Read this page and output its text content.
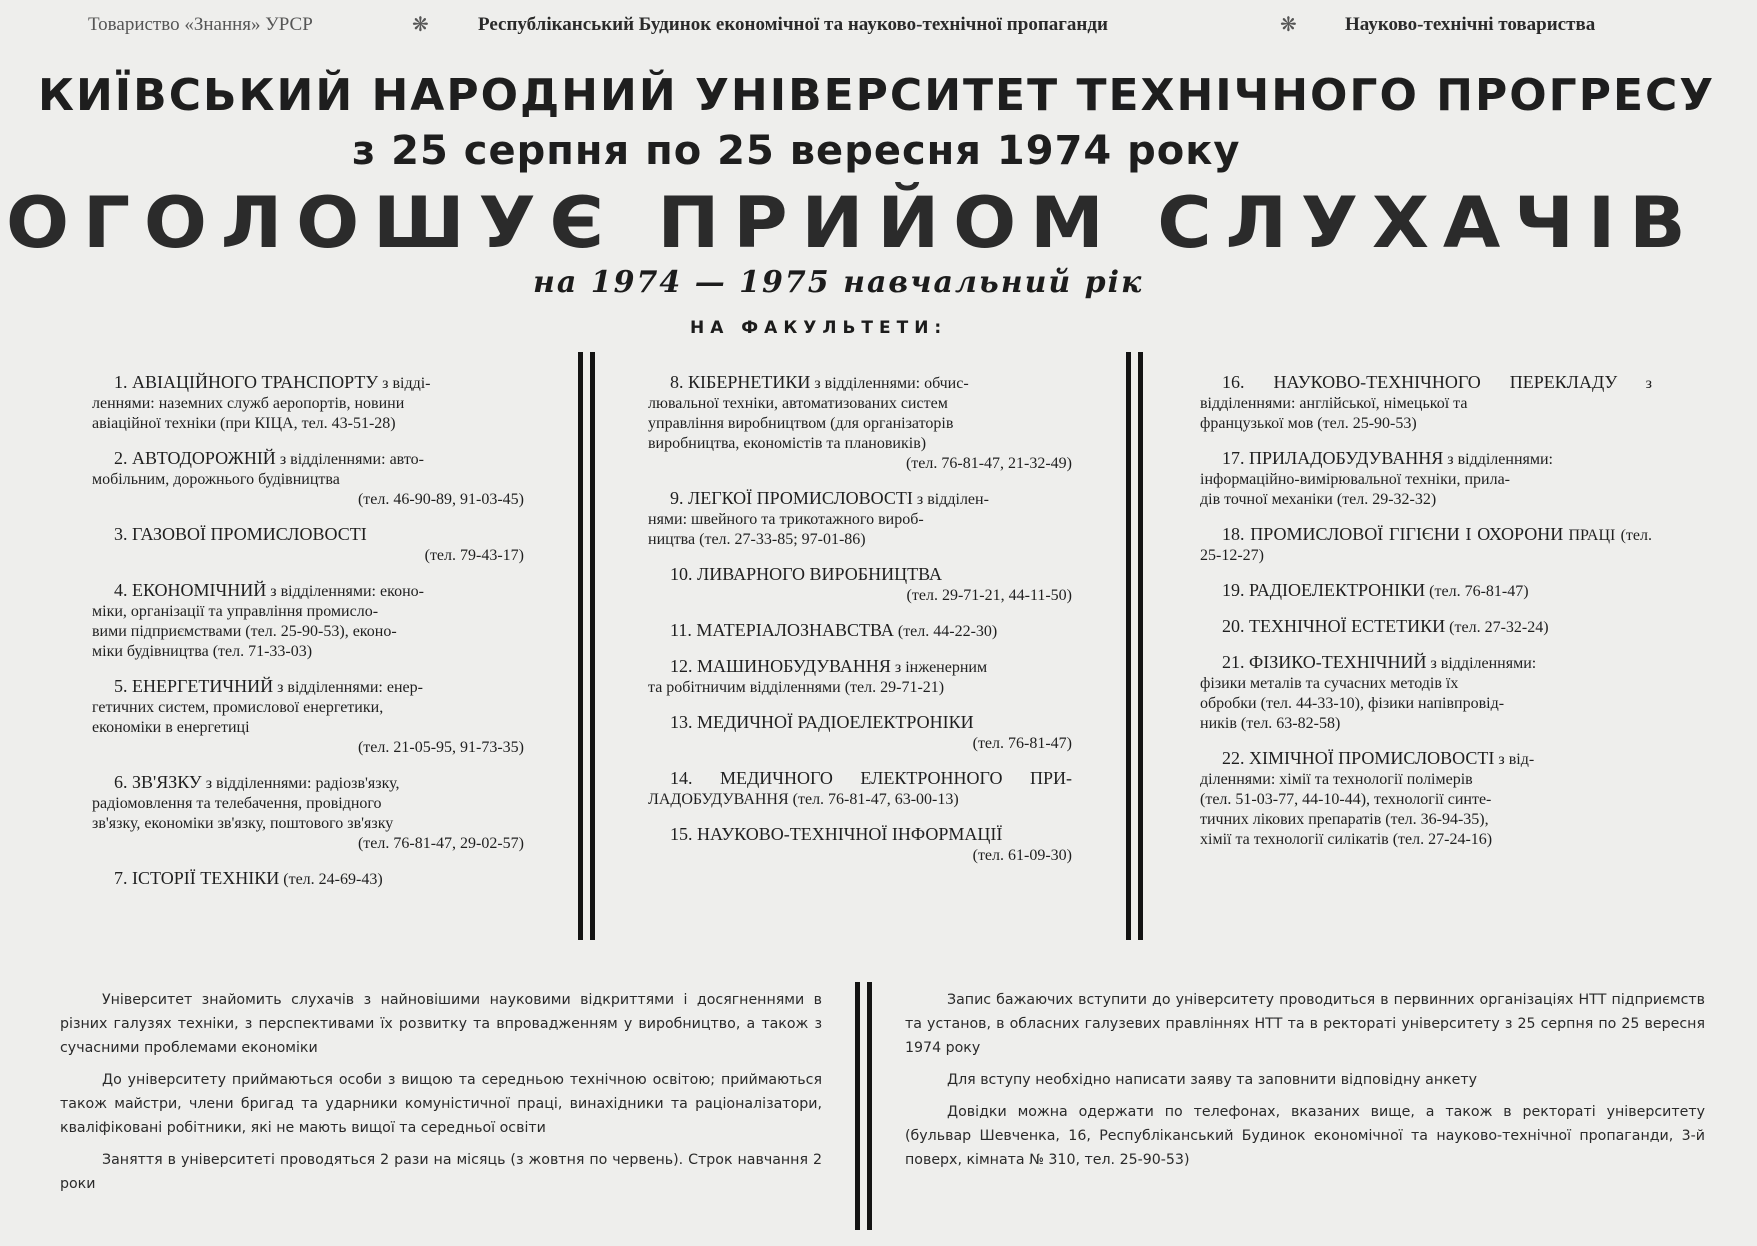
Товариство «Знання» УРСР	❋	Республіканський Будинок економічної та науково-технічної пропаганди	❋	Науково-технічні товариства
КИЇВСЬКИЙ НАРОДНИЙ УНІВЕРСИТЕТ ТЕХНІЧНОГО ПРОГРЕСУ
з 25 серпня по 25 вересня 1974 року
ОГОЛОШУЄ ПРИЙОМ СЛУХАЧІВ
на 1974 — 1975 навчальний рік
НА ФАКУЛЬТЕТИ:
1. АВІАЦІЙНОГО ТРАНСПОРТУ з відді-
леннями: наземних служб аеропортів, новини
авіаційної техніки (при КІЦА, тел. 43-51-28)
2. АВТОДОРОЖНІЙ з відділеннями: авто-
мобільним, дорожнього будівництва
(тел. 46-90-89, 91-03-45)
3. ГАЗОВОЇ ПРОМИСЛОВОСТІ
(тел. 79-43-17)
4. ЕКОНОМІЧНИЙ з відділеннями: еконо-
міки, організації та управління промисло-
вими підприємствами (тел. 25-90-53), еконо-
міки будівництва (тел. 71-33-03)
5. ЕНЕРГЕТИЧНИЙ з відділеннями: енер-
гетичних систем, промислової енергетики,
економіки в енергетиці
(тел. 21-05-95, 91-73-35)
6. ЗВ'ЯЗКУ з відділеннями: радіозв'язку,
радіомовлення та телебачення, провідного
зв'язку, економіки зв'язку, поштового зв'язку
(тел. 76-81-47, 29-02-57)
7. ІСТОРІЇ ТЕХНІКИ (тел. 24-69-43)
8. КІБЕРНЕТИКИ з відділеннями: обчис-
лювальної техніки, автоматизованих систем
управління виробництвом (для організаторів
виробництва, економістів та плановиків)
(тел. 76-81-47, 21-32-49)
9. ЛЕГКОЇ ПРОМИСЛОВОСТІ з відділен-
нями: швейного та трикотажного вироб-
ництва (тел. 27-33-85; 97-01-86)
10. ЛИВАРНОГО ВИРОБНИЦТВА
(тел. 29-71-21, 44-11-50)
11. МАТЕРІАЛОЗНАВСТВА (тел. 44-22-30)
12. МАШИНОБУДУВАННЯ з інженерним
та робітничим відділеннями (тел. 29-71-21)
13. МЕДИЧНОЇ РАДІОЕЛЕКТРОНІКИ
(тел. 76-81-47)
14. МЕДИЧНОГО ЕЛЕКТРОННОГО ПРИ- ЛАДОБУДУВАННЯ (тел. 76-81-47, 63-00-13)
15. НАУКОВО-ТЕХНІЧНОЇ ІНФОРМАЦІЇ
(тел. 61-09-30)
16. НАУКОВО-ТЕХНІЧНОГО ПЕРЕКЛАДУ з відділеннями: англійської, німецької та
французької мов (тел. 25-90-53)
17. ПРИЛАДОБУДУВАННЯ з відділеннями:
інформаційно-вимірювальної техніки, прила-
дів точної механіки (тел. 29-32-32)
18. ПРОМИСЛОВОЇ ГІГІЄНИ І ОХОРОНИ ПРАЦІ (тел. 25-12-27)
19. РАДІОЕЛЕКТРОНІКИ (тел. 76-81-47)
20. ТЕХНІЧНОЇ ЕСТЕТИКИ (тел. 27-32-24)
21. ФІЗИКО-ТЕХНІЧНИЙ з відділеннями:
фізики металів та сучасних методів їх
обробки (тел. 44-33-10), фізики напівпровід-
ників (тел. 63-82-58)
22. ХІМІЧНОЇ ПРОМИСЛОВОСТІ з від-
діленнями: хімії та технології полімерів
(тел. 51-03-77, 44-10-44), технології синте-
тичних лікових препаратів (тел. 36-94-35),
хімії та технології силікатів (тел. 27-24-16)

Університет знайомить слухачів з найновішими науковими відкриттями і досягненнями в різних галузях техніки, з перспективами їх розвитку та впровадженням у виробництво, а також з сучасними проблемами економіки

До університету приймаються особи з вищою та середньою технічною освітою; приймаються також майстри, члени бригад та ударники комуністичної праці, винахідники та раціоналізатори, кваліфіковані робітники, які не мають вищої та середньої освіти

Заняття в університеті проводяться 2 рази на місяць (з жовтня по червень). Строк навчання 2 роки

Запис бажаючих вступити до університету проводиться в первинних організаціях НТТ підприємств та установ, в обласних галузевих правліннях НТТ та в ректораті університету з 25 серпня по 25 вересня 1974 року

Для вступу необхідно написати заяву та заповнити відповідну анкету

Довідки можна одержати по телефонах, вказаних вище, а також в ректораті університету (бульвар Шевченка, 16, Республіканський Будинок економічної та науково-технічної пропаганди, 3-й поверх, кімната № 310, тел. 25-90-53)
